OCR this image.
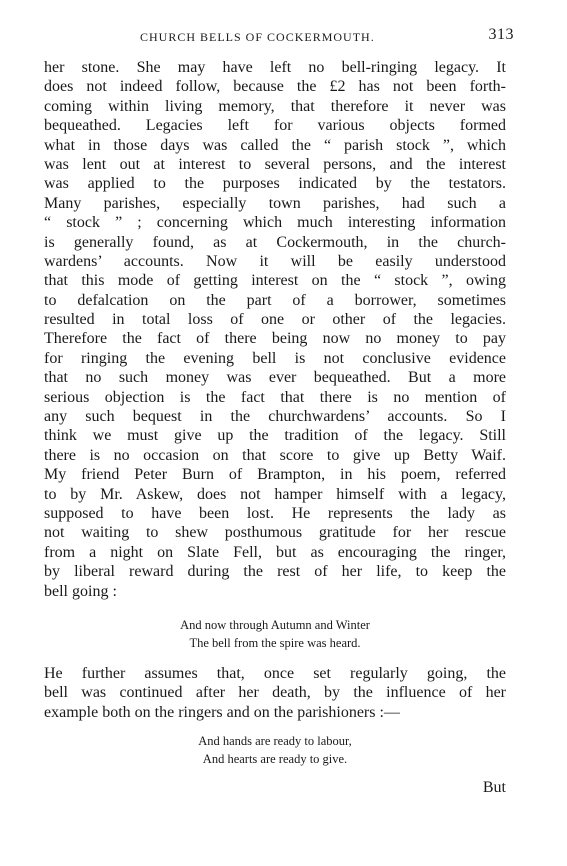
CHURCH BELLS OF COCKERMOUTH.	313
her stone. She may have left no bell-ringing legacy. It
does not indeed follow, because the £2 has not been forth-
coming within living memory, that therefore it never was
bequeathed. Legacies left for various objects formed
what in those days was called the “ parish stock ”, which
was lent out at interest to several persons, and the interest
was applied to the purposes indicated by the testators.
Many parishes, especially town parishes, had such a
“ stock ” ; concerning which much interesting information
is generally found, as at Cockermouth, in the church-
wardens’ accounts. Now it will be easily understood
that this mode of getting interest on the “ stock ”, owing
to defalcation on the part of a borrower, sometimes
resulted in total loss of one or other of the legacies.
Therefore the fact of there being now no money to pay
for ringing the evening bell is not conclusive evidence
that no such money was ever bequeathed. But a more
serious objection is the fact that there is no mention of
any such bequest in the churchwardens’ accounts. So I
think we must give up the tradition of the legacy. Still
there is no occasion on that score to give up Betty Waif.
My friend Peter Burn of Brampton, in his poem, referred
to by Mr. Askew, does not hamper himself with a legacy,
supposed to have been lost. He represents the lady as
not waiting to shew posthumous gratitude for her rescue
from a night on Slate Fell, but as encouraging the ringer,
by liberal reward during the rest of her life, to keep the
bell going :
And now through Autumn and Winter
The bell from the spire was heard.
He further assumes that, once set regularly going, the
bell was continued after her death, by the influence of her
example both on the ringers and on the parishioners :—
And hands are ready to labour,
And hearts are ready to give.
But
